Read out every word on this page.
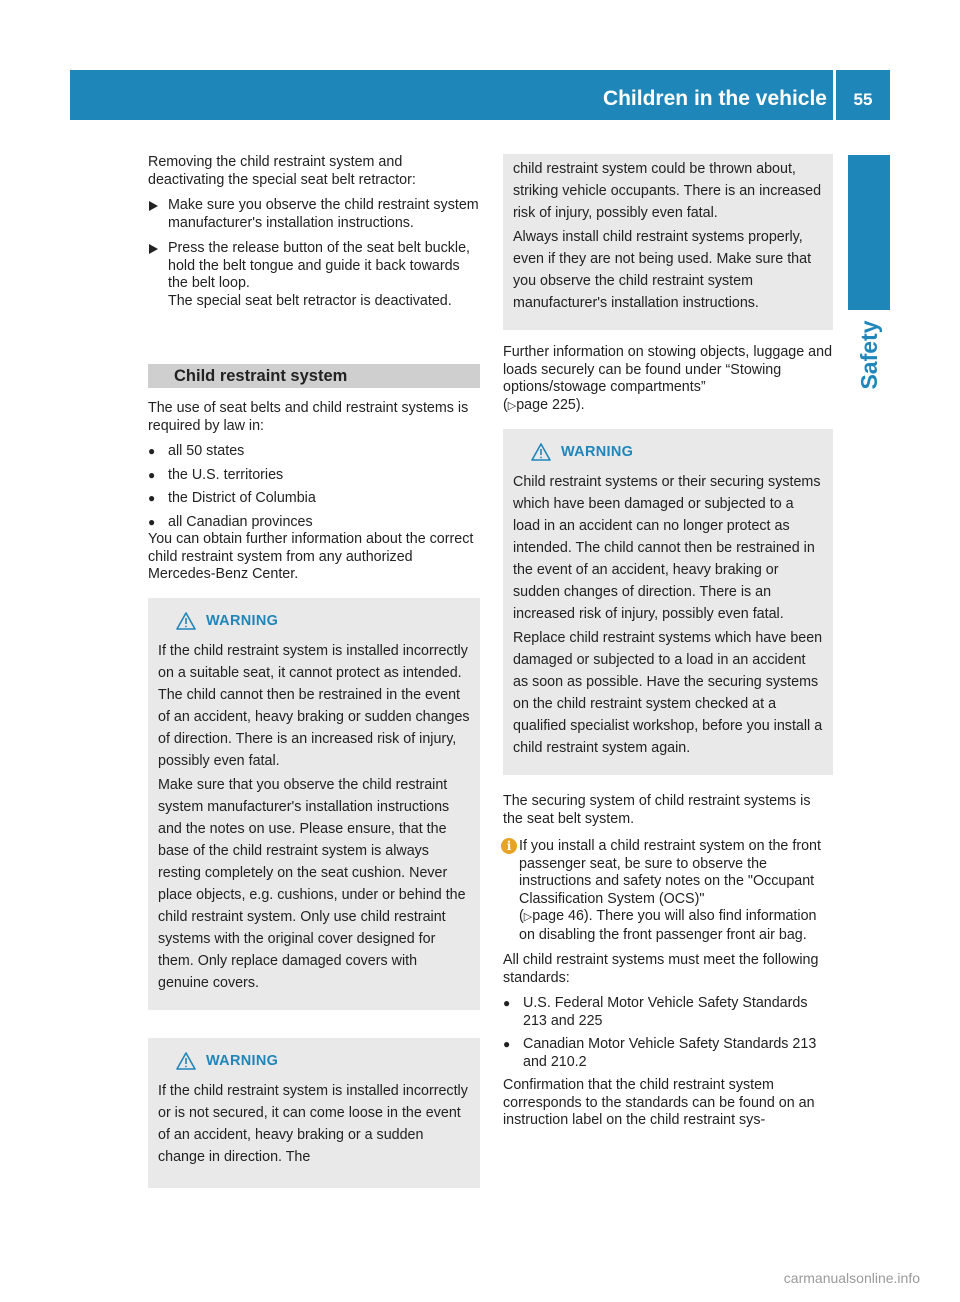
Children in the vehicle	55
Safety

Removing the child restraint system and deactivating the special seat belt retractor:

Make sure you observe the child restraint system manufacturer's installation instructions.
Press the release button of the seat belt buckle, hold the belt tongue and guide it back towards the belt loop.
The special seat belt retractor is deactivated.
Child restraint system

The use of seat belts and child restraint systems is required by law in:

● all 50 states
● the U.S. territories
● the District of Columbia
● all Canadian provinces

You can obtain further information about the correct child restraint system from any authorized Mercedes-Benz Center.

WARNING

If the child restraint system is installed incorrectly on a suitable seat, it cannot protect as intended. The child cannot then be restrained in the event of an accident, heavy braking or sudden changes of direction. There is an increased risk of injury, possibly even fatal.

Make sure that you observe the child restraint system manufacturer's installation instructions and the notes on use. Please ensure, that the base of the child restraint system is always resting completely on the seat cushion. Never place objects, e.g. cushions, under or behind the child restraint system. Only use child restraint systems with the original cover designed for them. Only replace damaged covers with genuine covers.

WARNING

If the child restraint system is installed incorrectly or is not secured, it can come loose in the event of an accident, heavy braking or a sudden change in direction. The

child restraint system could be thrown about, striking vehicle occupants. There is an increased risk of injury, possibly even fatal.

Always install child restraint systems properly, even if they are not being used. Make sure that you observe the child restraint system manufacturer's installation instructions.

Further information on stowing objects, luggage and loads securely can be found under “Stowing options/stowage compartments”
(▷page 225).

WARNING

Child restraint systems or their securing systems which have been damaged or subjected to a load in an accident can no longer protect as intended. The child cannot then be restrained in the event of an accident, heavy braking or sudden changes of direction. There is an increased risk of injury, possibly even fatal.

Replace child restraint systems which have been damaged or subjected to a load in an accident as soon as possible. Have the securing systems on the child restraint system checked at a qualified specialist workshop, before you install a child restraint system again.

The securing system of child restraint systems is the seat belt system.

i If you install a child restraint system on the front passenger seat, be sure to observe the instructions and safety notes on the "Occupant Classification System (OCS)"
(▷page 46). There you will also find information on disabling the front passenger front air bag.

All child restraint systems must meet the following standards:

● U.S. Federal Motor Vehicle Safety Standards 213 and 225
● Canadian Motor Vehicle Safety Standards 213 and 210.2

Confirmation that the child restraint system corresponds to the standards can be found on an instruction label on the child restraint sys-

carmanualsonline.info
